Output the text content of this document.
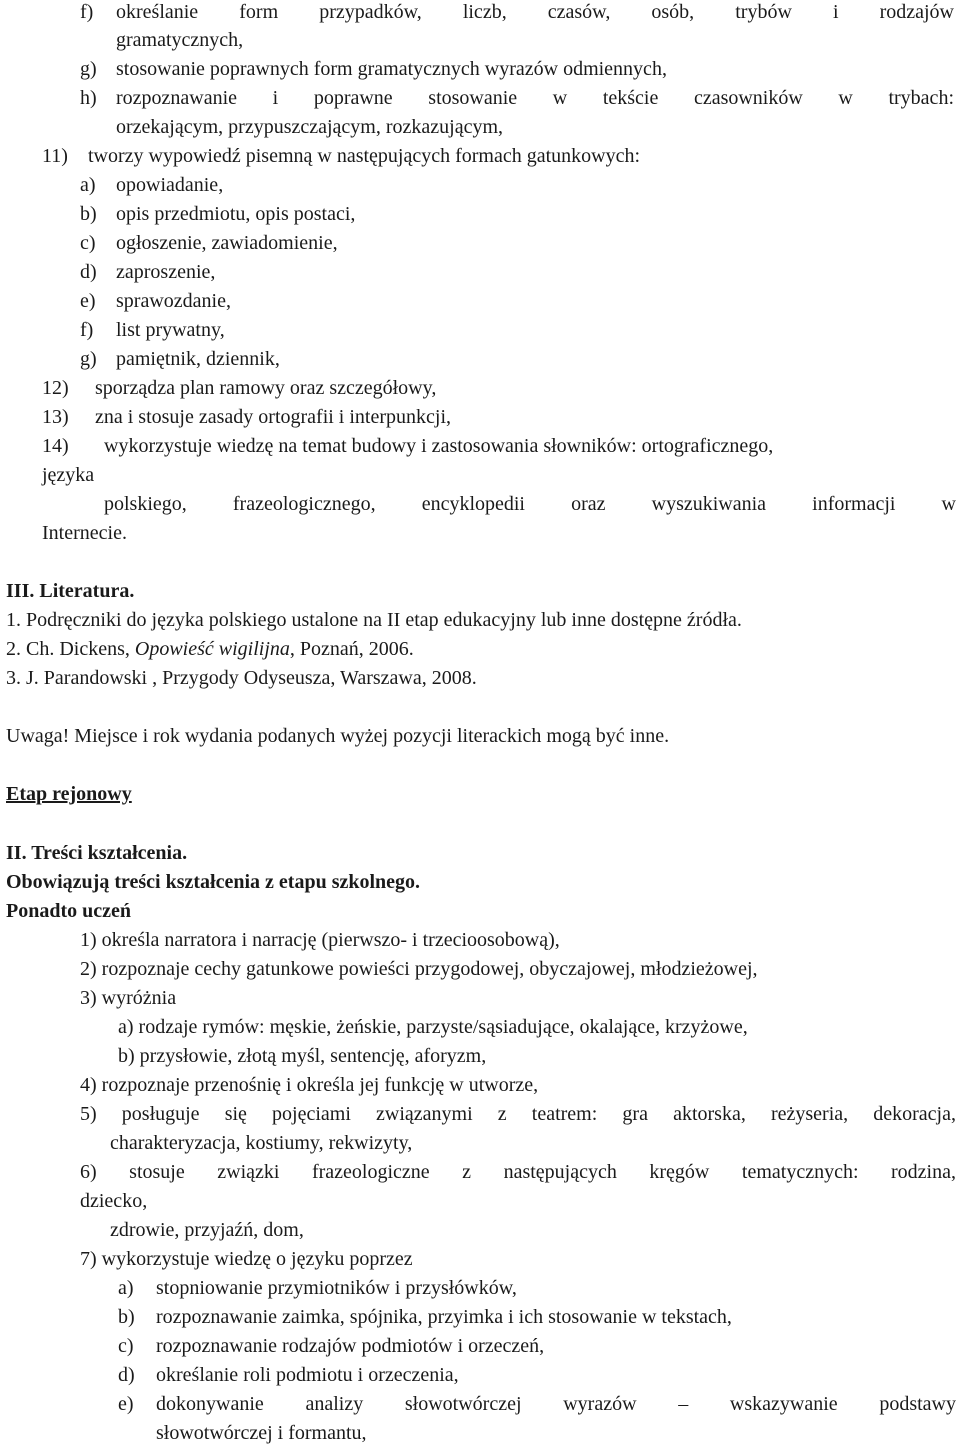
f) określanie form przypadków, liczb, czasów, osób, trybów i rodzajów
gramatycznych,
g) stosowanie poprawnych form gramatycznych wyrazów odmiennych,
h) rozpoznawanie i poprawne stosowanie w tekście czasowników w trybach:
orzekającym, przypuszczającym, rozkazującym,
11) tworzy wypowiedź pisemną w następujących formach gatunkowych:
a) opowiadanie,
b) opis przedmiotu, opis postaci,
c) ogłoszenie, zawiadomienie,
d) zaproszenie,
e) sprawozdanie,
f) list prywatny,
g) pamiętnik, dziennik,
12) sporządza plan ramowy oraz szczegółowy,
13) zna i stosuje zasady ortografii i interpunkcji,
14) wykorzystuje wiedzę na temat budowy i zastosowania słowników: ortograficznego,
języka
polskiego, frazeologicznego, encyklopedii oraz wyszukiwania informacji w
Internecie.
III. Literatura.
1. Podręczniki do języka polskiego ustalone na II etap edukacyjny lub inne dostępne źródła.
2. Ch. Dickens, Opowieść wigilijna, Poznań, 2006.
3. J. Parandowski , Przygody Odyseusza, Warszawa, 2008.
Uwaga! Miejsce i rok wydania podanych wyżej pozycji literackich mogą być inne.
Etap rejonowy
II. Treści kształcenia.
Obowiązują treści kształcenia z etapu szkolnego.
Ponadto uczeń
1) określa narratora i narrację (pierwszo- i trzecioosobową),
2) rozpoznaje cechy gatunkowe powieści przygodowej, obyczajowej, młodzieżowej,
3) wyróżnia
a) rodzaje rymów: męskie, żeńskie, parzyste/sąsiadujące, okalające, krzyżowe,
b) przysłowie, złotą myśl, sentencję, aforyzm,
4) rozpoznaje przenośnię i określa jej funkcję w utworze,
5) posługuje się pojęciami związanymi z teatrem: gra aktorska, reżyseria, dekoracja,
charakteryzacja, kostiumy, rekwizyty,
6) stosuje związki frazeologiczne z następujących kręgów tematycznych: rodzina,
dziecko,
zdrowie, przyjaźń, dom,
7) wykorzystuje wiedzę o języku poprzez
a) stopniowanie przymiotników i przysłówków,
b) rozpoznawanie zaimka, spójnika, przyimka i ich stosowanie w tekstach,
c) rozpoznawanie rodzajów podmiotów i orzeczeń,
d) określanie roli podmiotu i orzeczenia,
e) dokonywanie analizy słowotwórczej wyrazów – wskazywanie podstawy
słowotwórczej i formantu,
